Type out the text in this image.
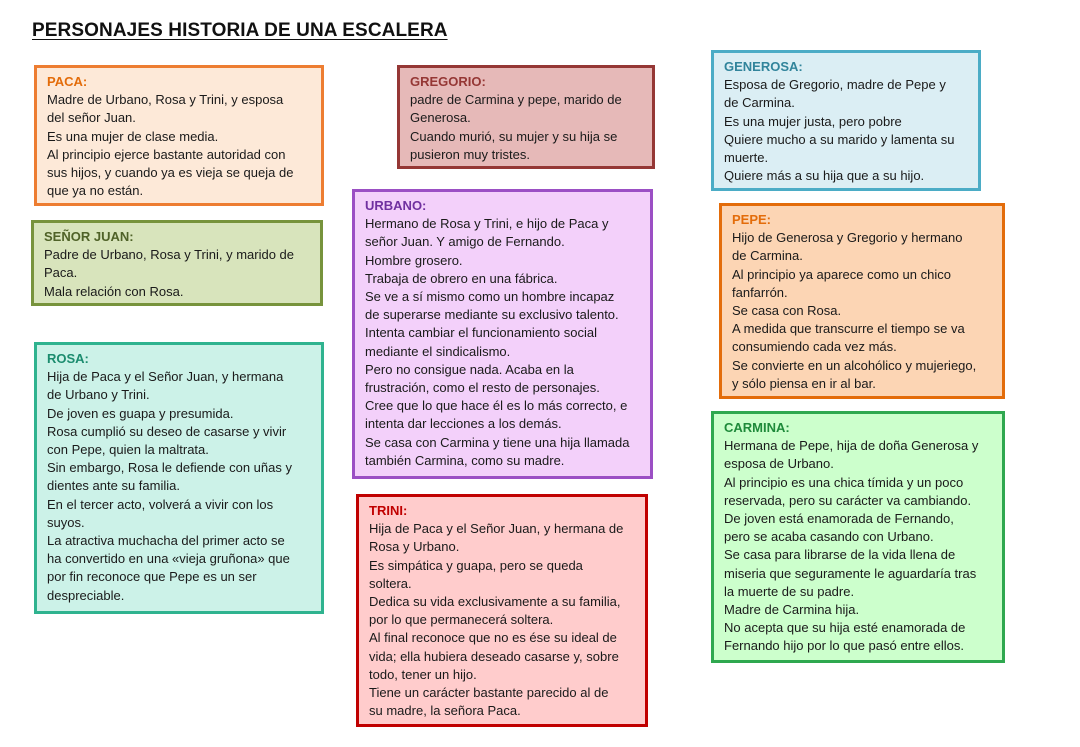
PERSONAJES HISTORIA DE UNA ESCALERA
PACA:
Madre de Urbano, Rosa y Trini, y esposa
del señor Juan.
Es una mujer de clase media.
Al principio ejerce bastante autoridad con
sus hijos, y cuando ya es vieja se queja de
que ya no están.
SEÑOR JUAN:
Padre de Urbano, Rosa y Trini, y marido de
Paca.
Mala relación con Rosa.
ROSA:
Hija de Paca y el Señor Juan, y hermana
de Urbano y Trini.
De joven es guapa y presumida.
Rosa cumplió su deseo de casarse y vivir
con Pepe, quien la maltrata.
Sin embargo, Rosa le defiende con uñas y
dientes ante su familia.
En el tercer acto, volverá a vivir con los
suyos.
La atractiva muchacha del primer acto se
ha convertido en una «vieja gruñona» que
por fin reconoce que Pepe es un ser
despreciable.
GREGORIO:
padre de Carmina y pepe, marido de
Generosa.
Cuando murió, su mujer y su hija se
pusieron muy tristes.
URBANO:
Hermano de Rosa y Trini, e hijo de Paca y
señor Juan. Y amigo de Fernando.
Hombre grosero.
Trabaja de obrero en una fábrica.
Se ve a sí mismo como un hombre incapaz
de superarse mediante su exclusivo talento.
Intenta cambiar el funcionamiento social
mediante el sindicalismo.
Pero no consigue nada. Acaba en la
frustración, como el resto de personajes.
Cree que lo que hace él es lo más correcto, e
intenta dar lecciones a los demás.
Se casa con Carmina y tiene una hija llamada
también Carmina, como su madre.
TRINI:
Hija de Paca y el Señor Juan, y hermana de
Rosa y Urbano.
Es simpática y guapa, pero se queda
soltera.
Dedica su vida exclusivamente a su familia,
por lo que permanecerá soltera.
Al final reconoce que no es ése su ideal de
vida; ella hubiera deseado casarse y, sobre
todo, tener un hijo.
Tiene un carácter bastante parecido al de
su madre, la señora Paca.
GENEROSA:
Esposa de Gregorio, madre de Pepe y
de Carmina.
Es una mujer justa, pero pobre
Quiere mucho a su marido y lamenta su
muerte.
Quiere más a su hija que a su hijo.
PEPE:
Hijo de Generosa y Gregorio y hermano
de Carmina.
Al principio ya aparece como un chico
fanfarrón.
Se casa con Rosa.
A medida que transcurre el tiempo se va
consumiendo cada vez más.
Se convierte en un alcohólico y mujeriego,
y sólo piensa en ir al bar.
CARMINA:
Hermana de Pepe, hija de doña Generosa y
esposa de Urbano.
Al principio es una chica tímida y un poco
reservada, pero su carácter va cambiando.
De joven está enamorada de Fernando,
pero se acaba casando con Urbano.
Se casa para librarse de la vida llena de
miseria que seguramente le aguardaría tras
la muerte de su padre.
Madre de Carmina hija.
No acepta que su hija esté enamorada de
Fernando hijo por lo que pasó entre ellos.
